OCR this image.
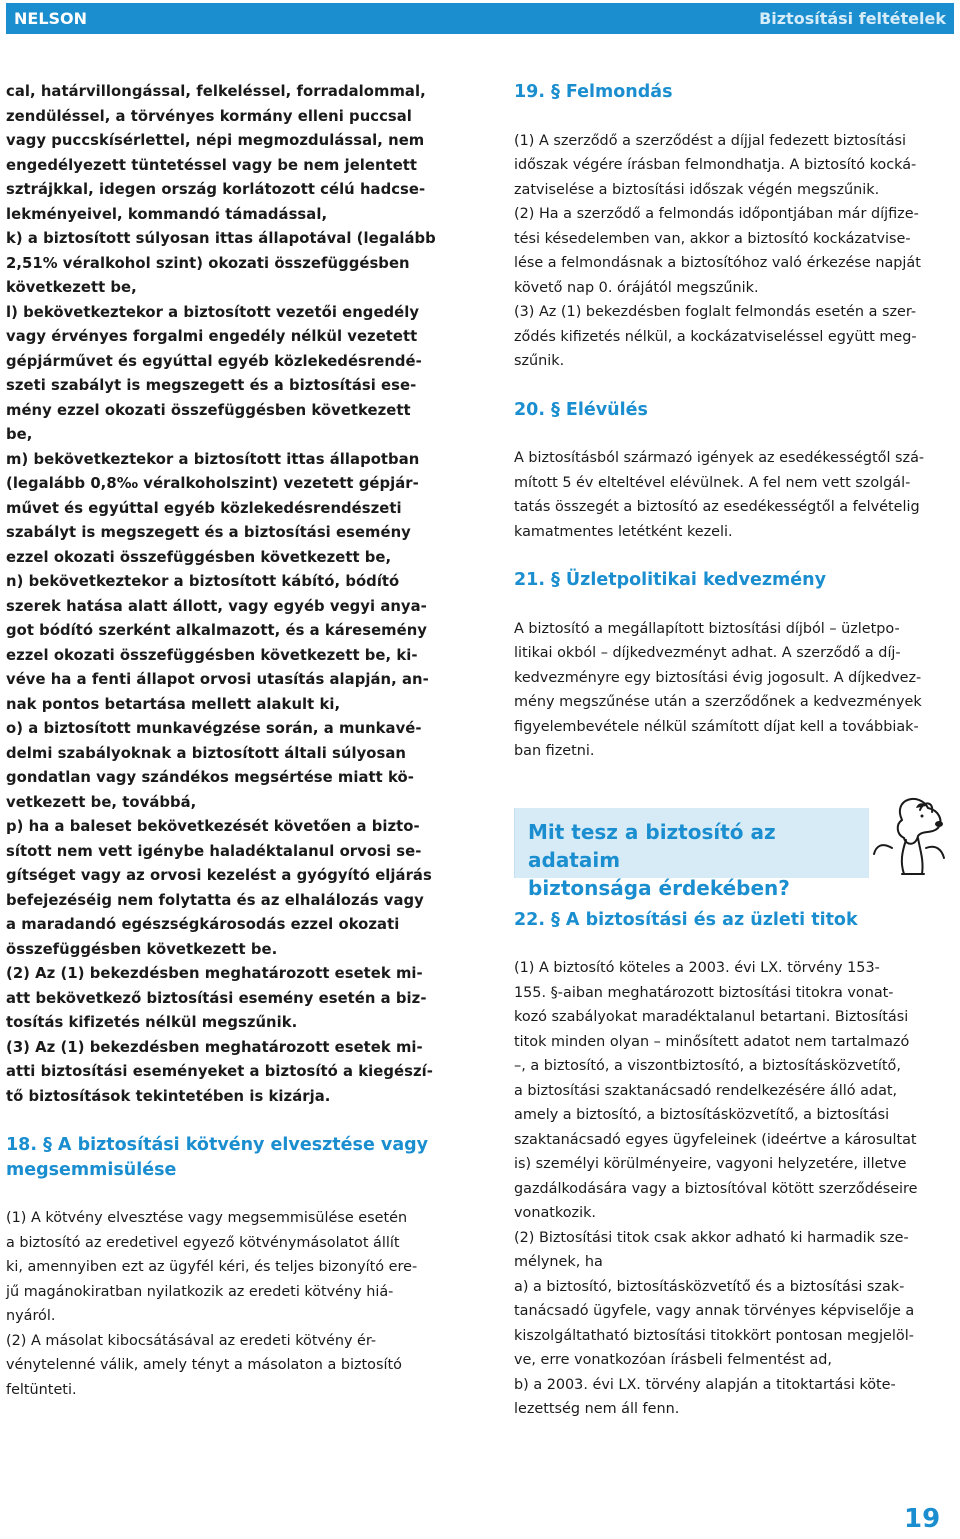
NELSON	Biztosítási feltételek

cal, határvillongással, felkeléssel, forradalommal,

zendüléssel, a törvényes kormány elleni puccsal

vagy puccskísérlettel, népi megmozdulással, nem

engedélyezett tüntetéssel vagy be nem jelentett

sztrájkkal, idegen ország korlátozott célú hadcse-

lekményeivel, kommandó támadással,

k) a biztosított súlyosan ittas állapotával (legalább

2,51% véralkohol szint) okozati összefüggésben

következett be,

l) bekövetkeztekor a biztosított vezetői engedély

vagy érvényes forgalmi engedély nélkül vezetett

gépjárművet és egyúttal egyéb közlekedésrendé-

szeti szabályt is megszegett és a biztosítási ese-

mény ezzel okozati összefüggésben következett

be,

m) bekövetkeztekor a biztosított ittas állapotban

(legalább 0,8‰ véralkoholszint) vezetett gépjár-

művet és egyúttal egyéb közlekedésrendészeti

szabályt is megszegett és a biztosítási esemény

ezzel okozati összefüggésben következett be,

n) bekövetkeztekor a biztosított kábító, bódító

szerek hatása alatt állott, vagy egyéb vegyi anya-

got bódító szerként alkalmazott, és a káresemény

ezzel okozati összefüggésben következett be, ki-

véve ha a fenti állapot orvosi utasítás alapján, an-

nak pontos betartása mellett alakult ki,

o) a biztosított munkavégzése során, a munkavé-

delmi szabályoknak a biztosított általi súlyosan

gondatlan vagy szándékos megsértése miatt kö-

vetkezett be, továbbá,

p) ha a baleset bekövetkezését követően a bizto-

sított nem vett igénybe haladéktalanul orvosi se-

gítséget vagy az orvosi kezelést a gyógyító eljárás

befejezéséig nem folytatta és az elhalálozás vagy

a maradandó egészségkárosodás ezzel okozati

összefüggésben következett be.

(2) Az (1) bekezdésben meghatározott esetek mi-

att bekövetkező biztosítási esemény esetén a biz-

tosítás kifizetés nélkül megszűnik.

(3) Az (1) bekezdésben meghatározott esetek mi-

atti biztosítási eseményeket a biztosító a kiegészí-

tő biztosítások tekintetében is kizárja.

18. § A biztosítási kötvény elvesztése vagy
megsemmisülése

(1) A kötvény elvesztése vagy megsemmisülése esetén

a biztosító az eredetivel egyező kötvénymásolatot állít

ki, amennyiben ezt az ügyfél kéri, és teljes bizonyító ere-

jű magánokiratban nyilatkozik az eredeti kötvény hiá-

nyáról.

(2) A másolat kibocsátásával az eredeti kötvény ér-

vénytelenné válik, amely tényt a másolaton a biztosító

feltünteti.

19. § Felmondás

(1) A szerződő a szerződést a díjjal fedezett biztosítási

időszak végére írásban felmondhatja. A biztosító kocká-

zatviselése a biztosítási időszak végén megszűnik.

(2) Ha a szerződő a felmondás időpontjában már díjfize-

tési késedelemben van, akkor a biztosító kockázatvise-

lése a felmondásnak a biztosítóhoz való érkezése napját

követő nap 0. órájától megszűnik.

(3) Az (1) bekezdésben foglalt felmondás esetén a szer-

ződés kifizetés nélkül, a kockázatviseléssel együtt meg-

szűnik.

20. § Elévülés

A biztosításból származó igények az esedékességtől szá-

mított 5 év elteltével elévülnek. A fel nem vett szolgál-

tatás összegét a biztosító az esedékességtől a felvételig

kamatmentes letétként kezeli.

21. § Üzletpolitikai kedvezmény

A biztosító a megállapított biztosítási díjból – üzletpo-

litikai okból – díjkedvezményt adhat. A szerződő a díj-

kedvezményre egy biztosítási évig jogosult. A díjkedvez-

mény megszűnése után a szerződőnek a kedvezmények

figyelembevétele nélkül számított díjat kell a továbbiak-

ban fizetni.

Mit tesz a biztosító az adataim
biztonsága érdekében?

22. § A biztosítási és az üzleti titok

(1) A biztosító köteles a 2003. évi LX. törvény 153-

155. §-aiban meghatározott biztosítási titokra vonat-

kozó szabályokat maradéktalanul betartani. Biztosítási

titok minden olyan – minősített adatot nem tartalmazó

–, a biztosító, a viszontbiztosító, a biztosításközvetítő,

a biztosítási szaktanácsadó rendelkezésére álló adat,

amely a biztosító, a biztosításközvetítő, a biztosítási

szaktanácsadó egyes ügyfeleinek (ideértve a károsultat

is) személyi körülményeire, vagyoni helyzetére, illetve

gazdálkodására vagy a biztosítóval kötött szerződéseire

vonatkozik.

(2) Biztosítási titok csak akkor adható ki harmadik sze-

mélynek, ha

a) a biztosító, biztosításközvetítő és a biztosítási szak-

tanácsadó ügyfele, vagy annak törvényes képviselője a

kiszolgáltatható biztosítási titokkört pontosan megjelöl-

ve, erre vonatkozóan írásbeli felmentést ad,

b) a 2003. évi LX. törvény alapján a titoktartási köte-

lezettség nem áll fenn.

19
